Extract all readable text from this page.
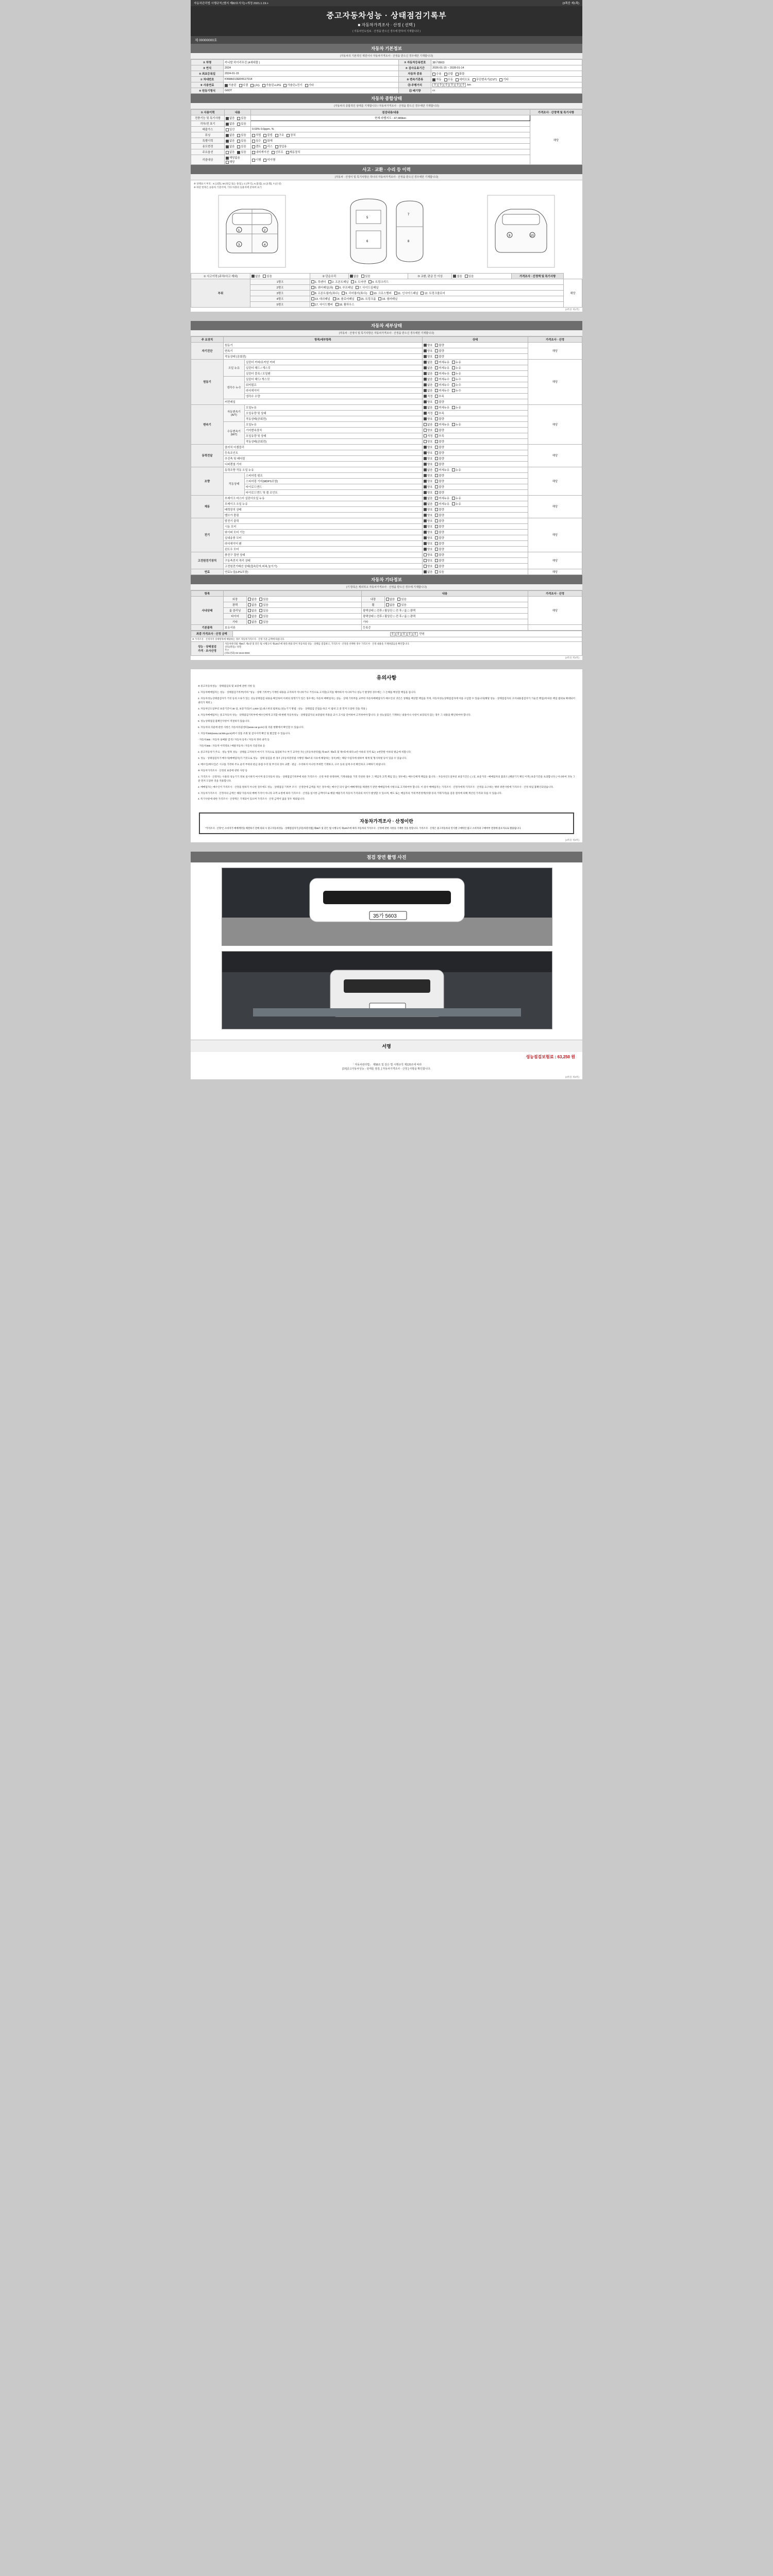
자동차관리법 시행규칙 [별지 제82호서식] <개정 2021.1.19.>	(3쪽중 제1쪽)
중고자동차성능 · 상태점검기록부
■ 자동차가격조사 · 산정 ( 선택 )
( 자동차인도일로 · 산정을 받으신 경우에 한하여 기재합니다 )
제 00000000호
자동차 기본정보
(자동차의 기본적인 제원이나 자동차가격조사 · 산정을 받으신 경우에만 기재합니다)
① 차명	카니발 하이리무진 (4세대물 )	② 자동차등록번호	38구8903
③ 연식	2024	④ 검사유효기간	2026-01-15 ~ 2028-01-14
⑤ 최초등록일	2024-01-15	자동차 종류	승용 승합 화물
⑦ 차대번호	KNMA313ER4S17014	⑧ 변속기종류	자동 수동 세미오토 무단변속기(CVT) 기타
⑨ 사용연료	가솔린 디젤 LPG 가솔린+LPG 가솔린+전기 기타	⑬ 주행거리	0 0 0 0 0 0 km
⑩ 원동기형식	G6DT	⑪ 배기량	cc
자동차 종합상태
(자동차의 종합적인 상태를 기재합니다 / 자동차가격조사 · 산정을 받으신 경우에만 기재합니다)
① 사용이력	내용	점검내용/내용	가격조사 · 산정액 및 특기사항
전충기능 및 특기사항	없음 있음	현재 라벨지도 : 47,989km	해당
각부/전 표기	없음 있음		
배출가스	일산	0.03% 0.0ppm. %	
튜닝	없음 있음	적법 불법 구조 장치	
특별이력	없음 있음	침수 화재	
용도변경	없음 있음	렌트 리스 영업용	
주요옵션	없음 있음	내비게이션 선루프 제동장치	
리콜대상	해당없음해당	이행 미이행	
사고 · 교환 · 수리 등 이력
(자동차 · 산정이 및 특기사항은 하나의 자동차가격조사 · 산정을 받으신 경우에만 기재합니다)
※ 상태표시 부호 : X (교환), W (판금 또는 용접 ), C (부식), A (흠집), U (요철), T (손상)
※ 하단 항목은 승용차 기준이며, 기타 차종의 승용차에 준하여 표기
1	2
3	4
5
6
7
8
9	10
① 사고이력 (주차/사고 제외)	없음 있음	② 단순수리	없음 있음	③ 교환, 판금 등 이상	없음 있음	가격조사 · 산정액 및 특기사항	
부위	1랭크	1. 후펜더 2. 프론트패널 3. 도어엔 4. 트렁크리드					해당
	2랭크	5. 쿼터패널(좌) 6. 루프패널 7. 사이드실패널					
	3랭크	8. 프론트필러(좌/우) 9. 리어필러(좌/우) 10. 크로스멤버 11. 인사이드패널 12. 트렁크플로어					
	4랭크	13. 대쉬패널 14. 플로어패널 15. 트렁크룸 16. 필러패널					
	5랭크	17. 사이드멤버 18. 휠하우스					
(3쪽중 제1쪽)
자동차 세부상태
(자동차 · 산정이 및 특기사항은 자동차가격조사 · 산정을 받으신 경우에만 기재합니다)
주 요장치	항목/세부항목		상태	가격조사 · 산정
자기진단	원동기		양호 불량	해당
	변속기		양호 불량	
	작동상태 (공회전)		양호 불량	
원동기	오일 누유	실린더 커버/로커암 커버	없음 미세누유 누유	해당
		실린더 헤드 / 개스킷	없음 미세누유 누유	
		실린더 블록 / 오일팬	없음 미세누유 누유	
	냉각수 누수	실린더 헤드/ 개스킷	없음 미세누수 누수	
		워터펌프	없음 미세누수 누수	
		라디에이터	없음 미세누수 누수	
		냉각수 수량	적정 부족	
	커먼레일		양호 불량	
변속기	자동변속기 (A/T)	오일누유	없음 미세누유 누유	해당
		오일유량 및 상태	적정 부족	
		작동상태(공회전)	양호 불량	
	수동변속기 (M/T)	오일누유	없음 미세누유 누유	
		기어변속장치	양호 불량	
		오일유량 및 상태	적정 부족	
		작동상태(공회전)	양호 불량	
동력전달	클러치 어셈블리		양호 불량	해당
	등속조인트		양호 불량	
	추진축 및 베어링		양호 불량	
	디퍼렌셜 기어		양호 불량	
조향	동력조향 작동 오일 누유		없음 미세누유 누유	해당
	작동상태	스티어링 펌프	양호 불량	
		스티어링 기어(MDPS포함)	양호 불량	
		타이로드엔드	양호 불량	
		타이로드엔드 및 볼 조인트	양호 불량	
제동	브레이크 마스터 실린더오일 누유		없음 미세누유 누유	해당
	브레이크 오일 누유		없음 미세누유 누유	
	배력장치 상태		양호 불량	
	밸브가 풀림		양호 불량	
전기	발전기 출력		양호 불량	해당
	시동 모터		양호 불량	
	와이퍼 모터 기능		양호 불량	
	실내송풍 모터		양호 불량	
	라디에이터 팬		양호 불량	
	윈도우 모터		양호 불량	
고전원전기장치	충전구 절연 상태		양호 불량	해당
	구동축전지 격리 상태		양호 불량	
	고전원전기배선 상태(접속단자,피복,높이기)		양호 불량	
연료	연료누설(LPG포함)		없음 있음	해당
자동차 기타정보
(기 항목은 제외하고 자동차가격조사 · 산정을 받으신 경우에 기재합니다)
항목			내용		가격조사 · 산정
사내상태	외장	없음 있음	내장	없음 있음	해당
	광택	없음 있음	휠	없음 있음	
	룸 클리닝	없음 있음	광택상태 □ 전후 / 휠상단 □ 전 후 / 룸 □ 광택		
	타이어	없음 있음	광택상태 □ 전후 / 휠상단 □ 전 후 / 룸 □ 광택		
	기타	없음 있음	기타		
기본품목	보유서류		등록증		
최종 가격조사 · 산정 금액		0 0 0 0 0 만원
※ 가격조사 · 산정자격 상세항목에 해당하는 경우 자동차가격조사 · 산정 기준 금액에 따릅니다.		
성능 · 상태점검
가격 · 조사산정	
자동차관리법 제58조 제1항 및 같은 법 시행규칙 제120조에 따라 위와 같이 자동차의 성능 · 상태를 점검하고, 가격조사 · 산정을 선택한 경우 가격조사 · 산정 내용을 기재하였음을 확인합니다.
상호(명칭) / 성명
주소
(대표전화) 02-1644-0903
(3쪽중 제2쪽)
유의사항

※ 중고자동차성능 · 상태점검의 및 보증에 관한 사항 등

1. 자동차매매업자는 성능 · 상태점검기록부(이하 "성능 · 상태 기록부") 기재한 내용을 고지하지 아니하거나 거짓으로 고지할(고지를 해야하지 아니하거나 성능기 발생한 경우에는 그 손해를 배상할 책임을 집니다.

2. 자동차성능상태점검자가 거짓 등의 오류가 있는 성능상태점검 내용을 확인하여 이에의 성명기가 있은 경우에는 자동차 매매업자는 성능 · 상태 기록부를 교부한 자동차매매업자가 매수인의 귀인은 상해를 배상할 책임을 지며, 자동차성능상태점검자에 이를 구입할 수 있습니다(해당 성능 · 상태점검자의 고지내용점검자가 기술진 책임)에 따른 책임 범위로 확대되어 권리가 제한 ).

3. 자동차인도일부터 보증기간이 30 일, 보증거리(이 1,000 일) 최소한의 범위로 (성능기기 방법 : 성능 · 상태점검 간접을 하고 이 범위 고 중 먼저 도달한 것을 적용 )

4. 자동차매매업자는 중고자동차 성능 · 상태점검기록부에 매수인에게 고지할 때 현행 자동차성능 · 상태점검지의 보증범위 적용을 교시 고시를 얻여하여 고지하여야 합니다. 등 성능점검은 기재하는 내용이나 사항이 보장되지 않는 경우 그 내용을 확인하여야 합니다.

5. 성능상태점검 불확인사항이 적절하지 않습니다.

6. 자동차의 리콜에 관한 사항은 자동차리콜센터(www.car.go.kr) 및 리콜 현황에서 확인할 수 있습니다.

7. 자동차365(www.car365.go.kr)에서 상품 조회 및 검사이력 확인 및 발급할 수 있습니다.

· 자동차365 : 자동차 실매물 검색 / 자동차 등록 / 자동차 정비 내역 등

· 자동차365 : 자동차 이력정보 / 매물자동차 / 자동차 리콜정보 등

2. 중고자동차가 주요 · 성능 항목 성능 · 상태를 고지하지 마시기 가격으로 점검하거나 부기 교지한 자는 [자동차관리법] 제 83조 제5호 및 제7호에 따라 2년 이하의 징역 또는 2천만원 이하의 벌금에 처합니다.

3. 성능 · 상태점검자가 매수자(매매업자)가 거짓으로 성능 · 상태 점검을 한 경우 (자동차관리법 시행령 제8조의 사유에 해당하는 경우)에는 해당 사업자에 대하여 제재 및 형사처벌 등이 있을 수 있습니다.

4. 매수인(매수인)은 시고를 가정하 주요 골격 부위의 판금 용접 수리 및 부식의 경우 교환 · 판금 · 수리하지 아니한 부위만 기재하고, 구조 등의 실제 수리 확인하고 구매하기 바랍니다.

※ 자동차가격조사 · 산정의 보증에 관한 사항 등

1. 가격조사 · 산정자는 사용의 성능기기 정보 실시하지 마시며 중고자동차 성능 · 상태점검기록부에 따른 가격조사 · 산정 부분 한정하며, 기재내용을 거짓 작성한 경우 그 책임자 고객 책임 있는 경우에는 매수인에게 책임을 집니다. - 자동차인도일부터 보증기간은 ( ) 일, 보증거리 - 매매업자의 불과도 (해당기기 확인 이후) 보증기간을 초과합니다 ( 이나하여 귀속 그 중 먼저 도달한 것을 적용합니다.

2. 매매업자는 매수인이 가격조사 · 산정을 원하지 아니한 경우에도 성능 · 상태점검 기록부 조사 · 산정란에 금액을 적은 경우에는 매수인 의사 없이 매매계약을 체결한기 관련 매매업자에 사항으로 고지하여야 합니다. 이 중수 배매업자는 가격조사 · 산정자에게 가격조사 · 산정을 요구하는 행위 위반사항에 가격조사 · 산정 위임 불확인되었습니다.

3. 자동차가격조사 · 산정자의 금액은 해당 자동차의 매매 가격이 아니라 고객 요청에 따라 가격조사 · 산정을 실시한 금액이므로 해당 매물가격 자동차 가격과의 차이가 발생할 수 있으며, 매도 또는 매입자의 거래 부분정액(차량 등의 거래가격)을 검증 절차에 의해 계산된 가격과 다를 수 있습니다.

4. 특기사항에 대한 가격조사 · 산정액은 기재되어 있으며 가격조사 · 산정 금액이 없을 경우 제외됩니다.

자동차가격조사 · 산정이란
"가격조사 · 산정"은 소비자가 매매계약을 체결하기 전에 의뢰 시 중고자동차성능 · 상태점검자가 [자동차관리법] 제58조 및 같은 법 시행규칙 제120조에 따라 자동차의 가격조사 · 산정에 관한 사항을 기재한 것을 말합니다. 가격조사 · 산정은 중고자동차의 연식별 구매력인 많고 소비자의 구매여부 결정에 중요자료로 활용됩니다.
(3쪽중 제3쪽)
점검 장면 촬영 사진
35가 5603
서명
성능점검보험료 : 63,250 원
「 자동차관리법」 제58조 및 같은 법 시행규칙 제120조에 따라
[1Y]중고자동차성능 · 상태를 점검, [ 자동차가격조사 · 산정 ] 사항을 확인합니다.
(3쪽중 제3쪽)
